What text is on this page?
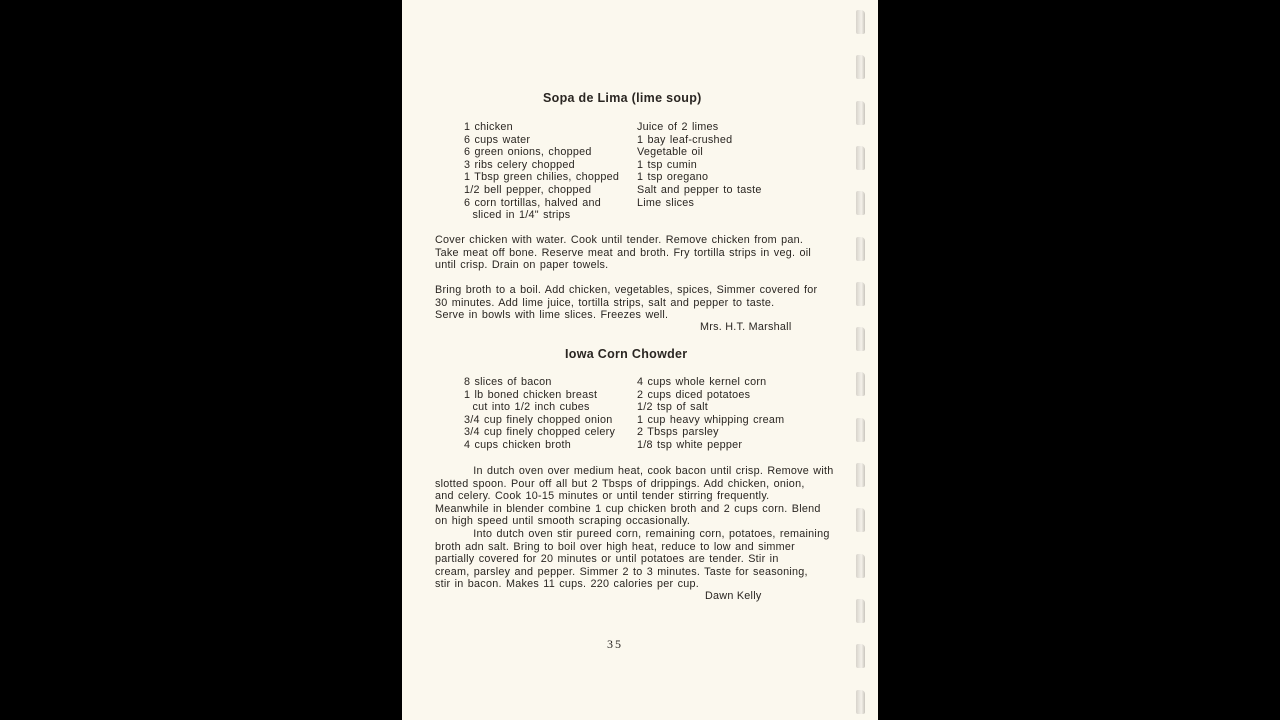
Sopa de Lima (lime soup)
1 chicken
6 cups water
6 green onions, chopped
3 ribs celery chopped
1 Tbsp green chilies, chopped
1/2 bell pepper, chopped
6 corn tortillas, halved and
sliced in 1/4" strips
Juice of 2 limes
1 bay leaf-crushed
Vegetable oil
1 tsp cumin
1 tsp oregano
Salt and pepper to taste
Lime slices
Cover chicken with water. Cook until tender. Remove chicken from pan.
Take meat off bone. Reserve meat and broth. Fry tortilla strips in veg. oil
until crisp. Drain on paper towels.
Bring broth to a boil. Add chicken, vegetables, spices, Simmer covered for
30 minutes. Add lime juice, tortilla strips, salt and pepper to taste.
Serve in bowls with lime slices. Freezes well.
Mrs. H.T. Marshall
Iowa Corn Chowder
8 slices of bacon
1 lb boned chicken breast
cut into 1/2 inch cubes
3/4 cup finely chopped onion
3/4 cup finely chopped celery
4 cups chicken broth
4 cups whole kernel corn
2 cups diced potatoes
1/2 tsp of salt
1 cup heavy whipping cream
2 Tbsps parsley
1/8 tsp white pepper
In dutch oven over medium heat, cook bacon until crisp. Remove with
slotted spoon. Pour off all but 2 Tbsps of drippings. Add chicken, onion,
and celery. Cook 10-15 minutes or until tender stirring frequently.
Meanwhile in blender combine 1 cup chicken broth and 2 cups corn. Blend
on high speed until smooth scraping occasionally.
Into dutch oven stir pureed corn, remaining corn, potatoes, remaining
broth adn salt. Bring to boil over high heat, reduce to low and simmer
partially covered for 20 minutes or until potatoes are tender. Stir in
cream, parsley and pepper. Simmer 2 to 3 minutes. Taste for seasoning,
stir in bacon. Makes 11 cups. 220 calories per cup.
Dawn Kelly
35
